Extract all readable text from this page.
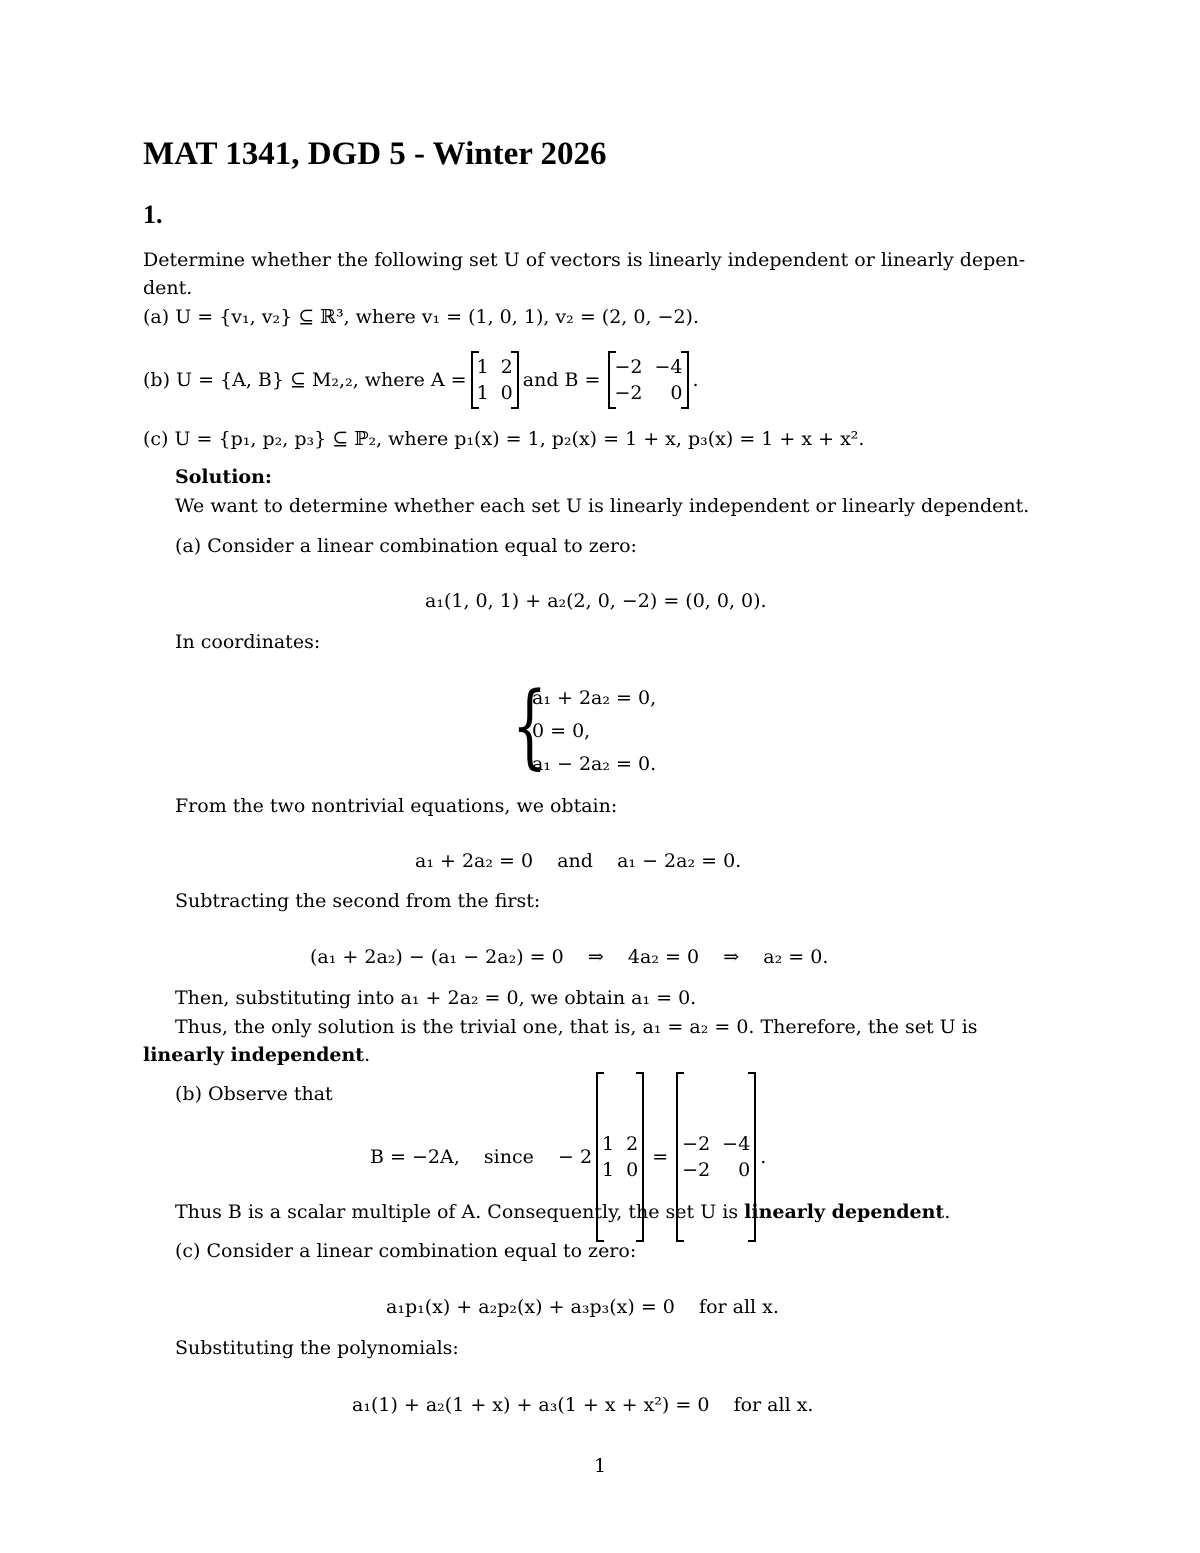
MAT 1341, DGD 5 - Winter 2026
1.
Determine whether the following set U of vectors is linearly independent or linearly depen-
dent.
(a) U = {v₁, v₂} ⊆ ℝ³, where v₁ = (1, 0, 1), v₂ = (2, 0, −2).
(b) U = {A, B} ⊆ M₂,₂, where A =
1	2
1	0
and B =
−2	−4
−2	0
.
(c) U = {p₁, p₂, p₃} ⊆ ℙ₂, where p₁(x) = 1, p₂(x) = 1 + x, p₃(x) = 1 + x + x².
Solution:
We want to determine whether each set U is linearly independent or linearly dependent.
(a) Consider a linear combination equal to zero:
a₁(1, 0, 1) + a₂(2, 0, −2) = (0, 0, 0).
In coordinates:
{
a₁ + 2a₂ = 0,
0 = 0,
a₁ − 2a₂ = 0.
From the two nontrivial equations, we obtain:
a₁ + 2a₂ = 0    and    a₁ − 2a₂ = 0.
Subtracting the second from the first:
(a₁ + 2a₂) − (a₁ − 2a₂) = 0    ⇒    4a₂ = 0    ⇒    a₂ = 0.
Then, substituting into a₁ + 2a₂ = 0, we obtain a₁ = 0.
Thus, the only solution is the trivial one, that is, a₁ = a₂ = 0. Therefore, the set U is
linearly independent.
(b) Observe that
B = −2A,    since    − 2

1	2
1	0

=

−2	−4
−2	0

.
Thus B is a scalar multiple of A. Consequently, the set U is linearly dependent.
(c) Consider a linear combination equal to zero:
a₁p₁(x) + a₂p₂(x) + a₃p₃(x) = 0    for all x.
Substituting the polynomials:
a₁(1) + a₂(1 + x) + a₃(1 + x + x²) = 0    for all x.
1
